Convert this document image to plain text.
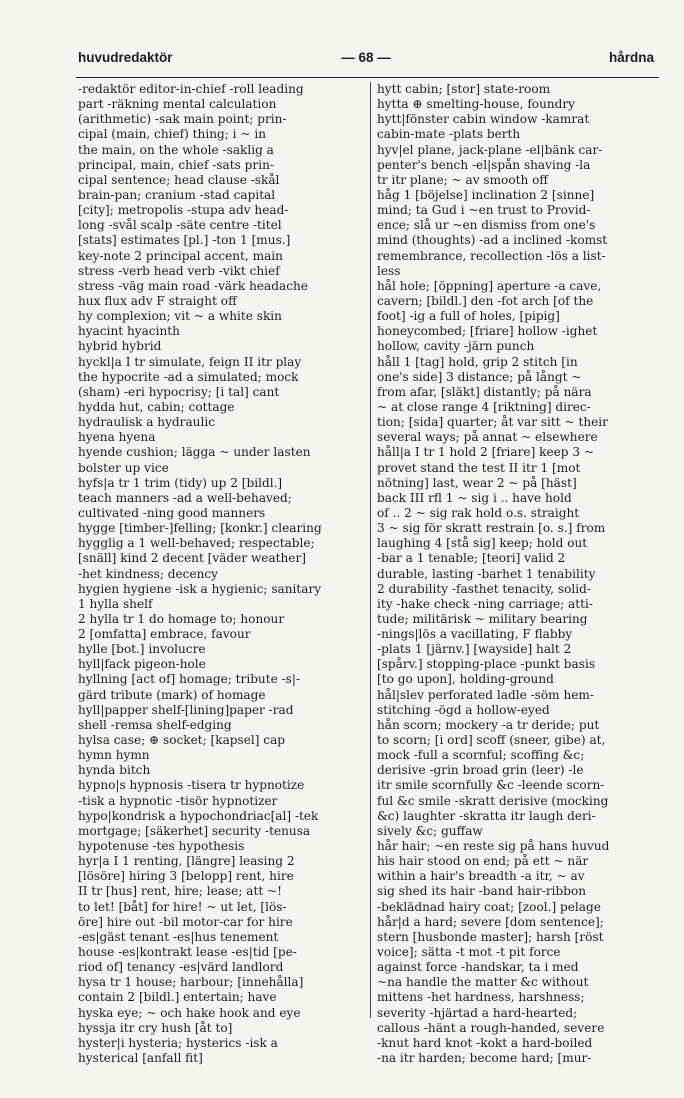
huvudredaktör	— 68 —	hårdna
-redaktör editor-in-chief -roll leading
part -räkning mental calculation
(arithmetic) -sak main point; prin-
cipal (main, chief) thing; i ~ in
the main, on the whole -saklig a
principal, main, chief -sats prin-
cipal sentence; head clause -skål
brain-pan; cranium -stad capital
[city]; metropolis -stupa adv head-
long -svål scalp -säte centre -titel
[stats] estimates [pl.] -ton 1 [mus.]
key-note 2 principal accent, main
stress -verb head verb -vikt chief
stress -väg main road -värk headache
hux flux adv F straight off
hy complexion; vit ~ a white skin
hyacint hyacinth
hybrid hybrid
hyckl|a I tr simulate, feign II itr play
the hypocrite -ad a simulated; mock
(sham) -eri hypocrisy; [i tal] cant
hydda hut, cabin; cottage
hydraulisk a hydraulic
hyena hyena
hyende cushion; lägga ~ under lasten
bolster up vice
hyfs|a tr 1 trim (tidy) up 2 [bildl.]
teach manners -ad a well-behaved;
cultivated -ning good manners
hygge [timber-]felling; [konkr.] clearing
hygglig a 1 well-behaved; respectable;
[snäll] kind 2 decent [väder weather]
-het kindness; decency
hygien hygiene -isk a hygienic; sanitary
1 hylla shelf
2 hylla tr 1 do homage to; honour
2 [omfatta] embrace, favour
hylle [bot.] involucre
hyll|fack pigeon-hole
hyllning [act of] homage; tribute -s|-
gärd tribute (mark) of homage
hyll|papper shelf-[lining]paper -rad
shell -remsa shelf-edging
hylsa case; ⊕ socket; [kapsel] cap
hymn hymn
hynda bitch
hypno|s hypnosis -tisera tr hypnotize
-tisk a hypnotic -tisör hypnotizer
hypo|kondrisk a hypochondriac[al] -tek
mortgage; [säkerhet] security -tenusa
hypotenuse -tes hypothesis
hyr|a I 1 renting, [längre] leasing 2
[lösöre] hiring 3 [belopp] rent, hire
II tr [hus] rent, hire; lease; att ~!
to let! [båt] for hire! ~ ut let, [lös-
öre] hire out -bil motor-car for hire
-es|gäst tenant -es|hus tenement
house -es|kontrakt lease -es|tid [pe-
riod of] tenancy -es|värd landlord
hysa tr 1 house; harbour; [innehålla]
contain 2 [bildl.] entertain; have
hyska eye; ~ och hake hook and eye
hyssja itr cry hush [åt to]
hyster|i hysteria; hysterics -isk a
hysterical [anfall fit]
hytt cabin; [stor] state-room
hytta ⊕ smelting-house, foundry
hytt|fönster cabin window -kamrat
cabin-mate -plats berth
hyv|el plane, jack-plane -el|bänk car-
penter's bench -el|spån shaving -la
tr itr plane; ~ av smooth off
håg 1 [böjelse] inclination 2 [sinne]
mind; ta Gud i ~en trust to Provid-
ence; slå ur ~en dismiss from one's
mind (thoughts) -ad a inclined -komst
remembrance, recollection -lös a list-
less
hål hole; [öppning] aperture -a cave,
cavern; [bildl.] den -fot arch [of the
foot] -ig a full of holes, [pipig]
honeycombed; [friare] hollow -ighet
hollow, cavity -järn punch
håll 1 [tag] hold, grip 2 stitch [in
one's side] 3 distance; på långt ~
from afar, [släkt] distantly; på nära
~ at close range 4 [riktning] direc-
tion; [sida] quarter; åt var sitt ~ their
several ways; på annat ~ elsewhere
håll|a I tr 1 hold 2 [friare] keep 3 ~
provet stand the test II itr 1 [mot
nötning] last, wear 2 ~ på [häst]
back III rfl 1 ~ sig i .. have hold
of .. 2 ~ sig rak hold o.s. straight
3 ~ sig för skratt restrain [o. s.] from
laughing 4 [stå sig] keep; hold out
-bar a 1 tenable; [teori] valid 2
durable, lasting -barhet 1 tenability
2 durability -fasthet tenacity, solid-
ity -hake check -ning carriage; atti-
tude; militärisk ~ military bearing
-nings|lös a vacillating, F flabby
-plats 1 [järnv.] [wayside] halt 2
[spårv.] stopping-place -punkt basis
[to go upon], holding-ground
hål|slev perforated ladle -söm hem-
stitching -ögd a hollow-eyed
hån scorn; mockery -a tr deride; put
to scorn; [i ord] scoff (sneer, gibe) at,
mock -full a scornful; scoffing &c;
derisive -grin broad grin (leer) -le
itr smile scornfully &c -leende scorn-
ful &c smile -skratt derisive (mocking
&c) laughter -skratta itr laugh deri-
sively &c; guffaw
hår hair; ~en reste sig på hans huvud
his hair stood on end; på ett ~ när
within a hair's breadth -a itr, ~ av
sig shed its hair -band hair-ribbon
-beklädnad hairy coat; [zool.] pelage
hår|d a hard; severe [dom sentence];
stern [husbonde master]; harsh [röst
voice]; sätta -t mot -t pit force
against force -handskar, ta i med
~na handle the matter &c without
mittens -het hardness, harshness;
severity -hjärtad a hard-hearted;
callous -hänt a rough-handed, severe
-knut hard knot -kokt a hard-boiled
-na itr harden; become hard; [mur-
